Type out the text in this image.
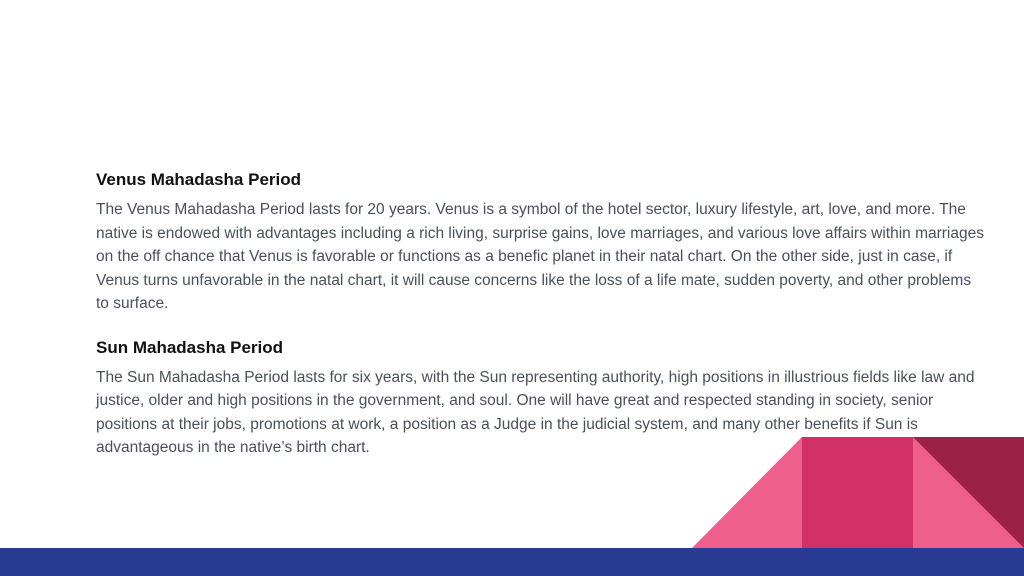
Venus Mahadasha Period

The Venus Mahadasha Period lasts for 20 years. Venus is a symbol of the hotel sector, luxury lifestyle, art, love, and more. The native is endowed with advantages including a rich living, surprise gains, love marriages, and various love affairs within marriages on the off chance that Venus is favorable or functions as a benefic planet in their natal chart. On the other side, just in case, if Venus turns unfavorable in the natal chart, it will cause concerns like the loss of a life mate, sudden poverty, and other problems to surface.

Sun Mahadasha Period

The Sun Mahadasha Period lasts for six years, with the Sun representing authority, high positions in illustrious fields like law and justice, older and high positions in the government, and soul. One will have great and respected standing in society, senior positions at their jobs, promotions at work, a position as a Judge in the judicial system, and many other benefits if Sun is advantageous in the native’s birth chart.
